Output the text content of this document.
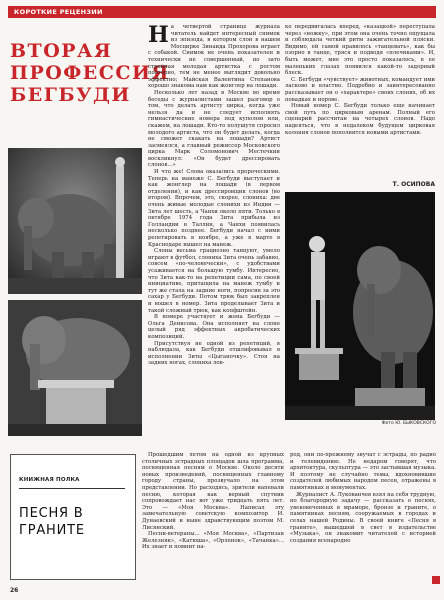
КОРОТКИЕ РЕЦЕНЗИИ
ВТОРАЯ
ПРОФЕССИЯ
БЕГБУДИ

На четвертой странице журнала читатель найдет интересный снимок из эпизода, в котором слон в нашем Мосцирке Зинаида Прохорова играет с собакой. Снимок не очень показателен и технически не совершенный, но зато стройная молодая артистка с ростом повторно, тем не менее выглядит довольно эффектно; Майская Валентина Степанова хорошо знакома нам как жонглер на лошади.

Несколько лет назад в Москве во время беседы с журналистами зашел разговор о том, что делать артисту цирка, когда уже нельзя да и не следует исполнять гимнастические номера под куполом или, скажем, на лошади. Кто-то полушутя спросил молодого артиста, что он будет делать, когда не сможет скакать на лошади? Артист засмеялся, а главный режиссер Московского цирка Марк Соломонович Местечкин воскликнул: «Он будет дрессировать слонов...»

И что же! Слова оказались пророческими. Теперь на манеже С. Бегбуди выступает и как жонглер на лошади (в первом отделении), и как дрессировщик слонов (во втором). Впрочем, это, скорее, слониха: две очень живые молодые слонихи из Индии — Зита лет шесть, а Чанхи около пяти. Только в октябре 1974 года Зита прибыла из Голландии в Таллин, а Чанхи появилась несколько позднее. Бегбуди начал с ними репетировать в ноябре, а уже в марте в Краснодаре вышел на манеж.

Слоны весьма грациозно танцуют, умело играют в футбол, слониха Зита очень забавно, совсем «по-человечески», с удобствами усаживается на большую тумбу. Интересно, что Зита как-то на репетиции сама, по своей инициативе, притащила на манеж тумбу и тут же стала на задние ноги, попросив за это сахар у Бегбуди. Потом трюк был закреплен и вошел в номер. Зита проделывает Зита и такой сложный трюк, как копфштейн.

В номере участвует и жена Бегбуди — Ольга Денисова. Она исполняет на слоне целый ряд эффектных акробатических композиций.

Присутствуя не одной из репетиций, я наблюдала, как Бегбуди отшлифовывал в исполнении Зиты «Цыганочку». Стоя на задних ногах, слониха лов-

ко передвигалась вперед, «казацкой» переступала через «ножку», при этом она очень точно ощущала и соблюдала четкий ритм зажигательной пляски. Видимо, ей самой нравилось «танцевать», как бы озорно в танце, тряся и подводя «плечиками». И, быть может, мне это просто показалось, в ее маленьких глазах появился какой-то задорный блеск.

С. Бегбуди «чувствует» животных, командует ими ласково и властно. Подробно и заинтересованно рассказывает он о «характере» своих слоних, об их повадках и норове.

Новый номер С. Бегбуди только еще начинает свой путь по цирковым аренам. Полный его сценарий рассчитан на четырех слонов. Надо надеяться, что в недалеком будущем цирковая колония слонов пополнится новыми артистами.

Т. ОСИПОВА
Фото Ю. БЫКОВСКОГО
КНИЖНАЯ ПОЛКА
ПЕСНЯ В ГРАНИТЕ

Прошедшим летом на одной из крупных столичных эстрадных площадок шла программа, посвященная песням о Москве. Около десяти новых произведений, посвященных главному городу страны, прозвучало на этом представлении. Но расходясь, зрители напевали песню, которая как верный спутник сопровождает нас вот уже тридцать пять лет. Это — «Моя Москва». Написал эту замечательную советскую композитор И. Дунаевский и ныне здравствующим поэтом М. Лисянский.

Песни-ветераны... «Моя Москва», «Партизан Железняк», «Катюша», «Орленок», «Тачанка»... Их знает и помнит на-

род, они по-прежнему звучат с эстрады, по радио и телевидению. Не недаром говорят, что архитектура, скульптура — это застывшая музыка. И поэтому не случайно темы, вдохновившие создателей любимых народом песен, отражены в памятниках и монументах.

Журналист А. Лукованчев взял на себя трудную, но благородную задачу — рассказать о песнях, увековеченных в мраморе, бронзе и граните, о памятниках песням, сооружаемых в городах и селах нашей Родины. В своей книге «Песня в граните», вышедшей в свет в издательстве «Музыка», он знакомит читателей с историей создания всенародно

26
